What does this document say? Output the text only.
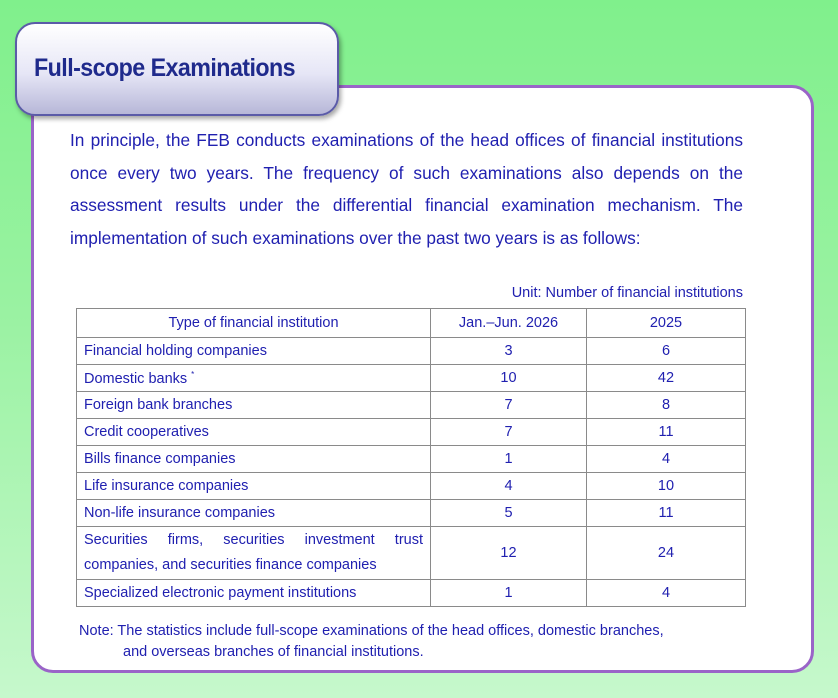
Full-scope Examinations
In principle, the FEB conducts examinations of the head offices of financial institutions once every two years. The frequency of such examinations also depends on the assessment results under the differential financial examination mechanism. The implementation of such examinations over the past two years is as follows:
Unit: Number of financial institutions
Type of financial institution	Jan.–Jun. 2026	2025
Financial holding companies	3	6
Domestic banks *	10	42
Foreign bank branches	7	8
Credit cooperatives	7	11
Bills finance companies	1	4
Life insurance companies	4	10
Non-life insurance companies	5	11
Securities firms, securities investment trust companies, and securities finance companies	12	24
Specialized electronic payment institutions	1	4
Note: The statistics include full-scope examinations of the head offices, domestic branches,
and overseas branches of financial institutions.
